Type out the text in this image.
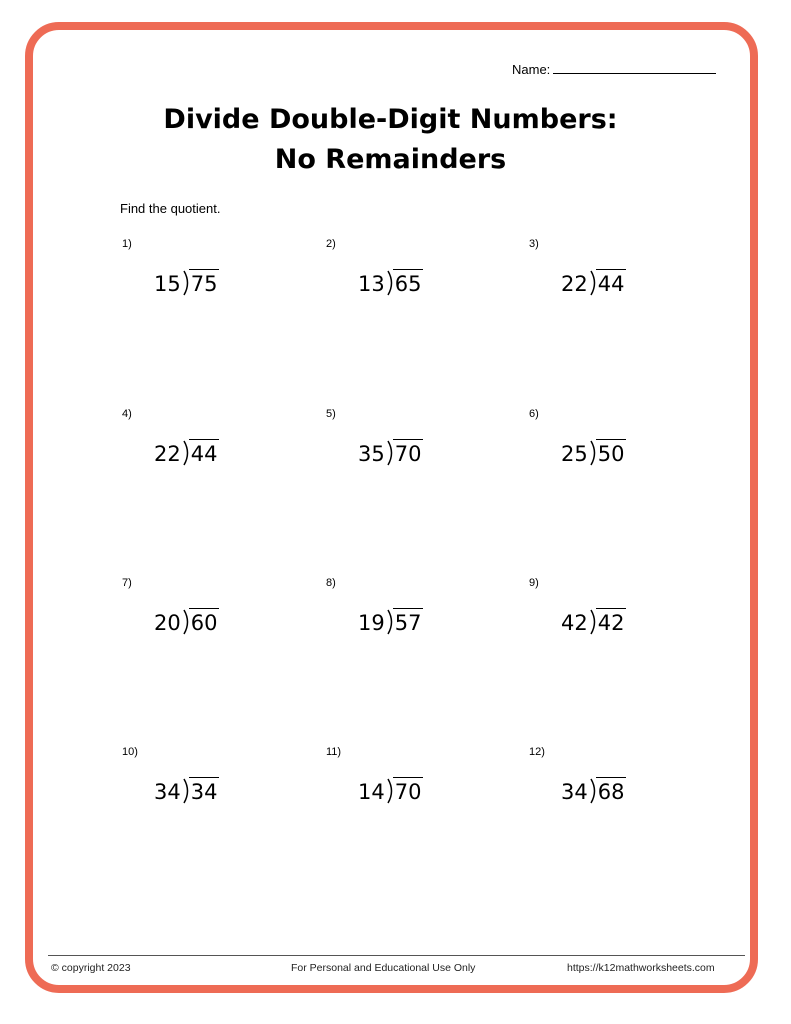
Name:
Divide Double-Digit Numbers:
No Remainders
Find the quotient.
1)
15 75
2)
13 65
3)
22 44
4)
22 44
5)
35 70
6)
25 50
7)
20 60
8)
19 57
9)
42 42
10)
34 34
11)
14 70
12)
34 68
© copyright 2023	For Personal and Educational Use Only	https://k12mathworksheets.com
